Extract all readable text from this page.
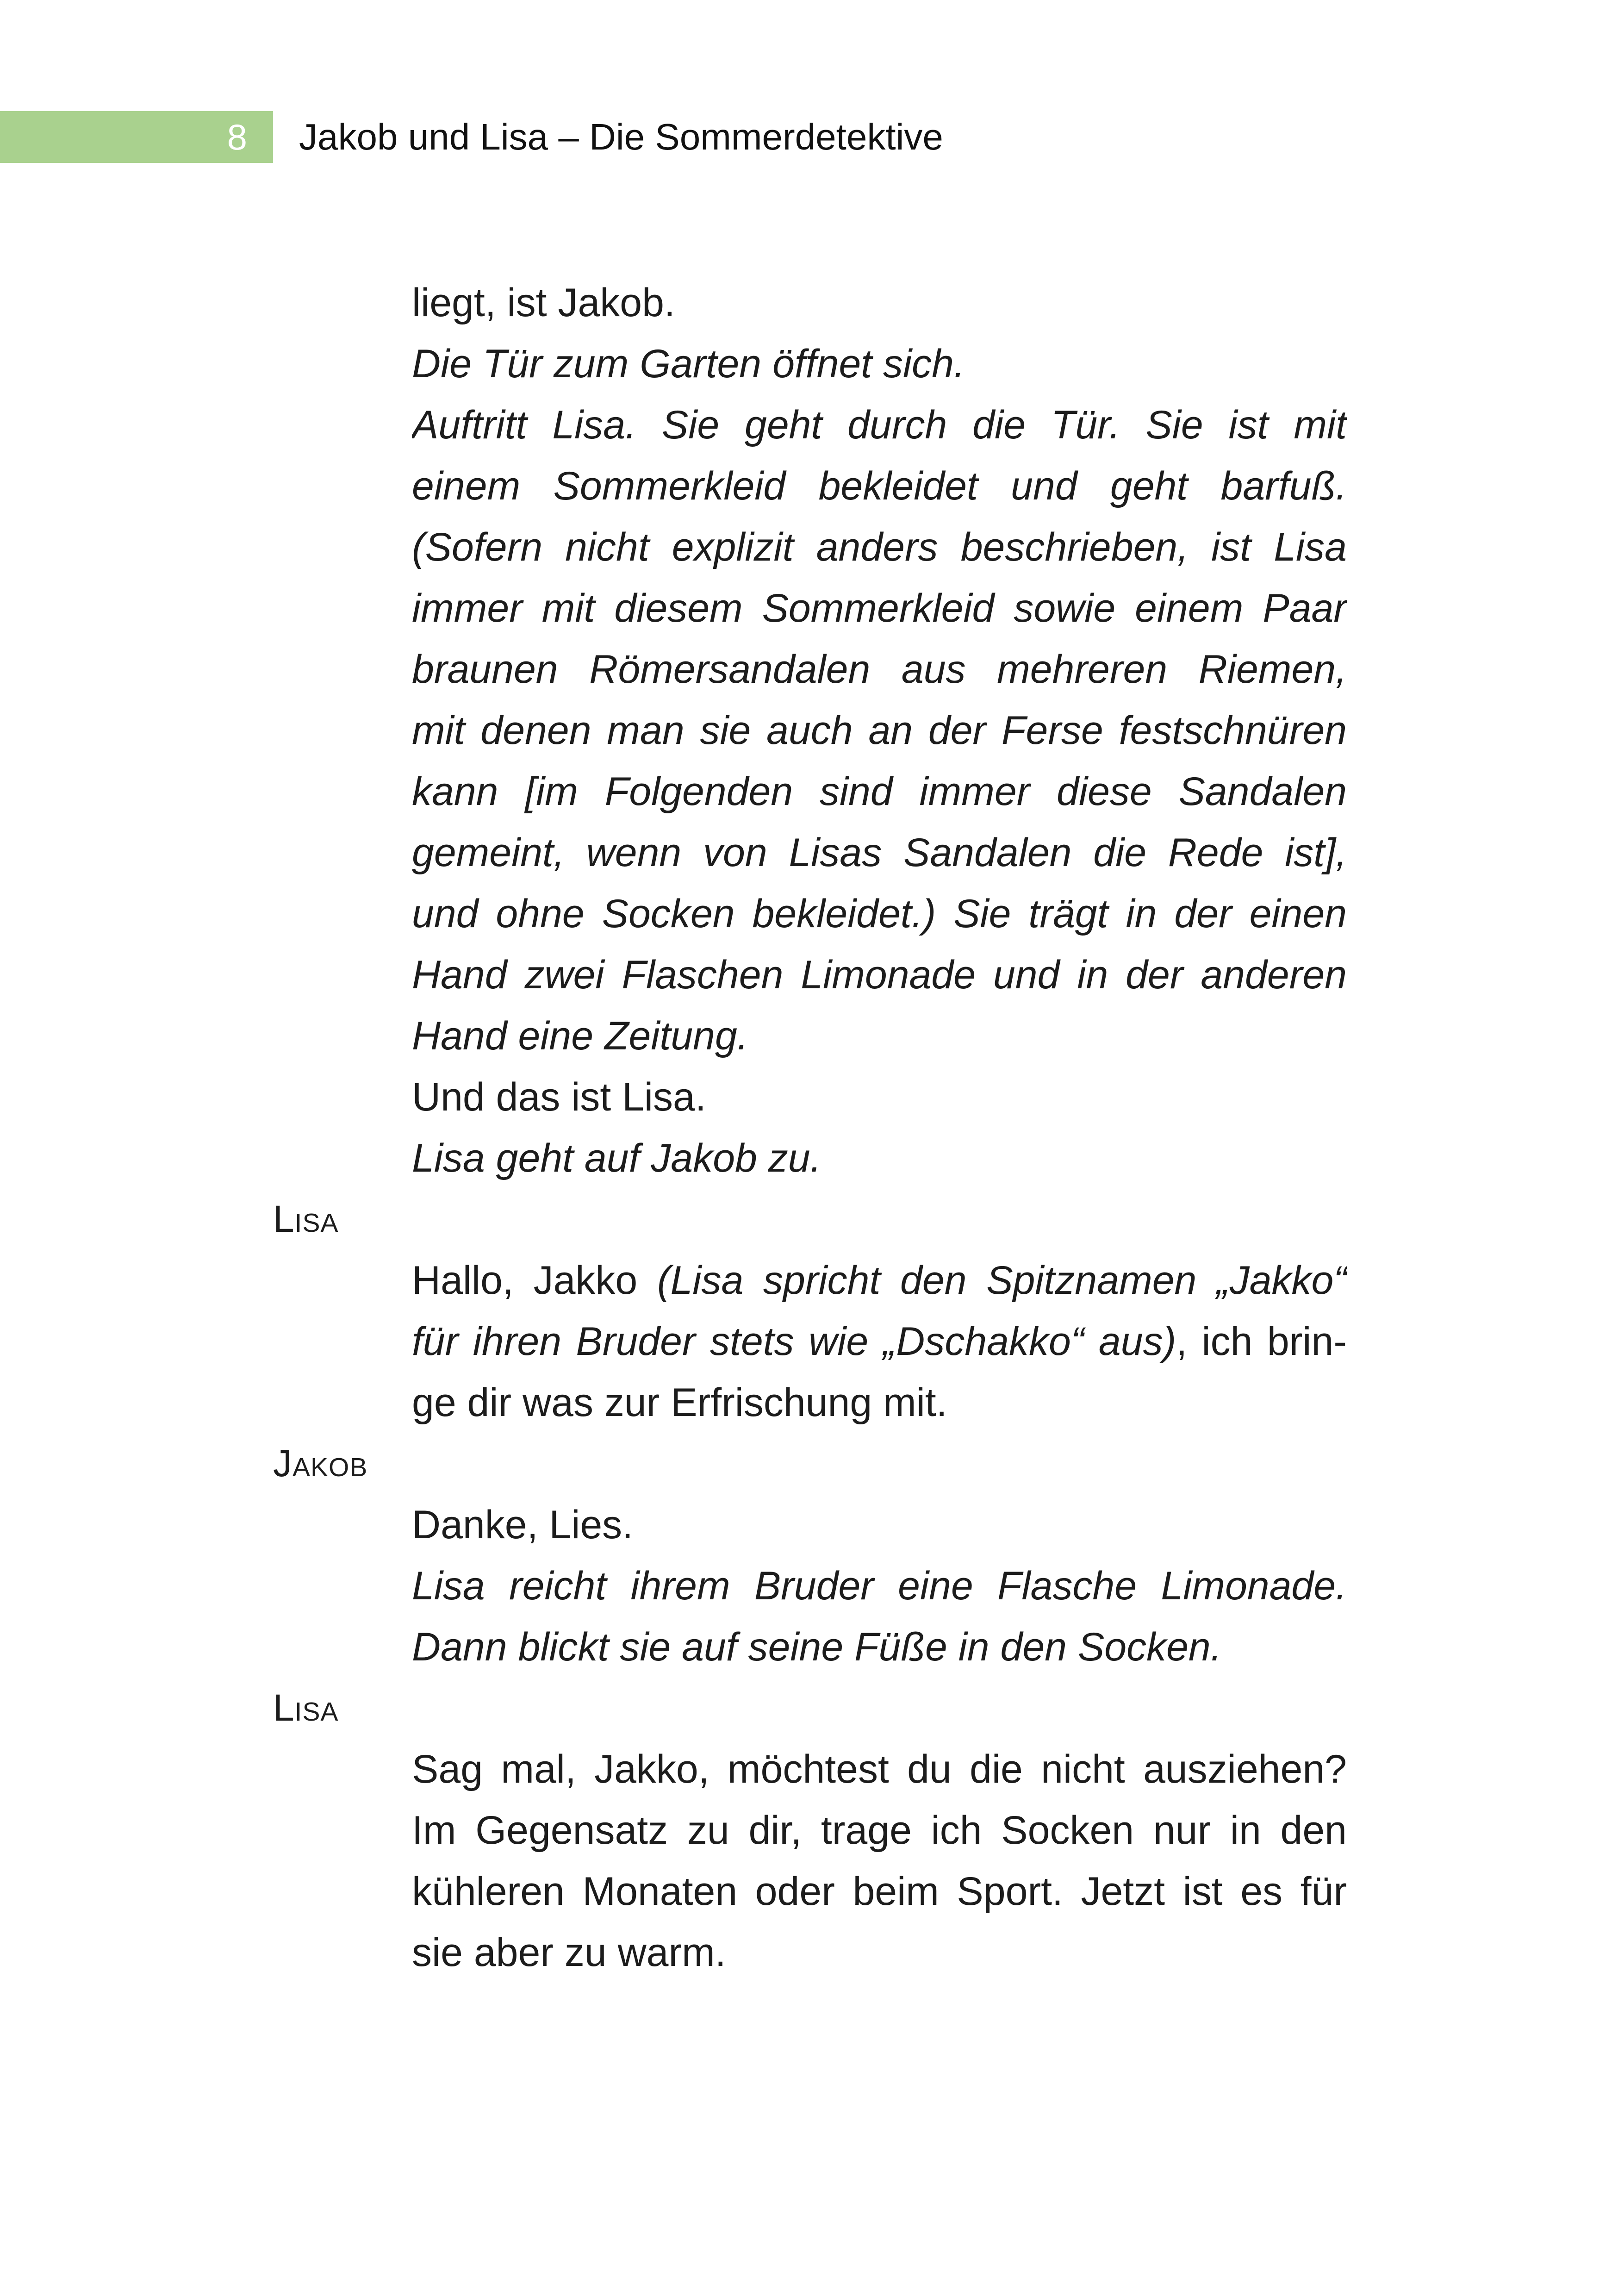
8 Jakob und Lisa – Die Sommerdetektive
liegt, ist Jakob.
Die Tür zum Garten öffnet sich.
Auftritt Lisa. Sie geht durch die Tür. Sie ist mit
einem Sommerkleid bekleidet und geht barfuß.
(Sofern nicht explizit anders beschrieben, ist Lisa
immer mit diesem Sommerkleid sowie einem Paar
braunen Römersandalen aus mehreren Riemen,
mit denen man sie auch an der Ferse festschnüren
kann [im Folgenden sind immer diese Sandalen
gemeint, wenn von Lisas Sandalen die Rede ist],
und ohne Socken bekleidet.) Sie trägt in der einen
Hand zwei Flaschen Limonade und in der anderen
Hand eine Zeitung.
Und das ist Lisa.
Lisa geht auf Jakob zu.
Lisa
Hallo, Jakko (Lisa spricht den Spitznamen „Jakko“
für ihren Bruder stets wie „Dschakko“ aus), ich brin-
ge dir was zur Erfrischung mit.
Jakob
Danke, Lies.
Lisa reicht ihrem Bruder eine Flasche Limonade.
Dann blickt sie auf seine Füße in den Socken.
Lisa
Sag mal, Jakko, möchtest du die nicht ausziehen?
Im Gegensatz zu dir, trage ich Socken nur in den
kühleren Monaten oder beim Sport. Jetzt ist es für
sie aber zu warm.
